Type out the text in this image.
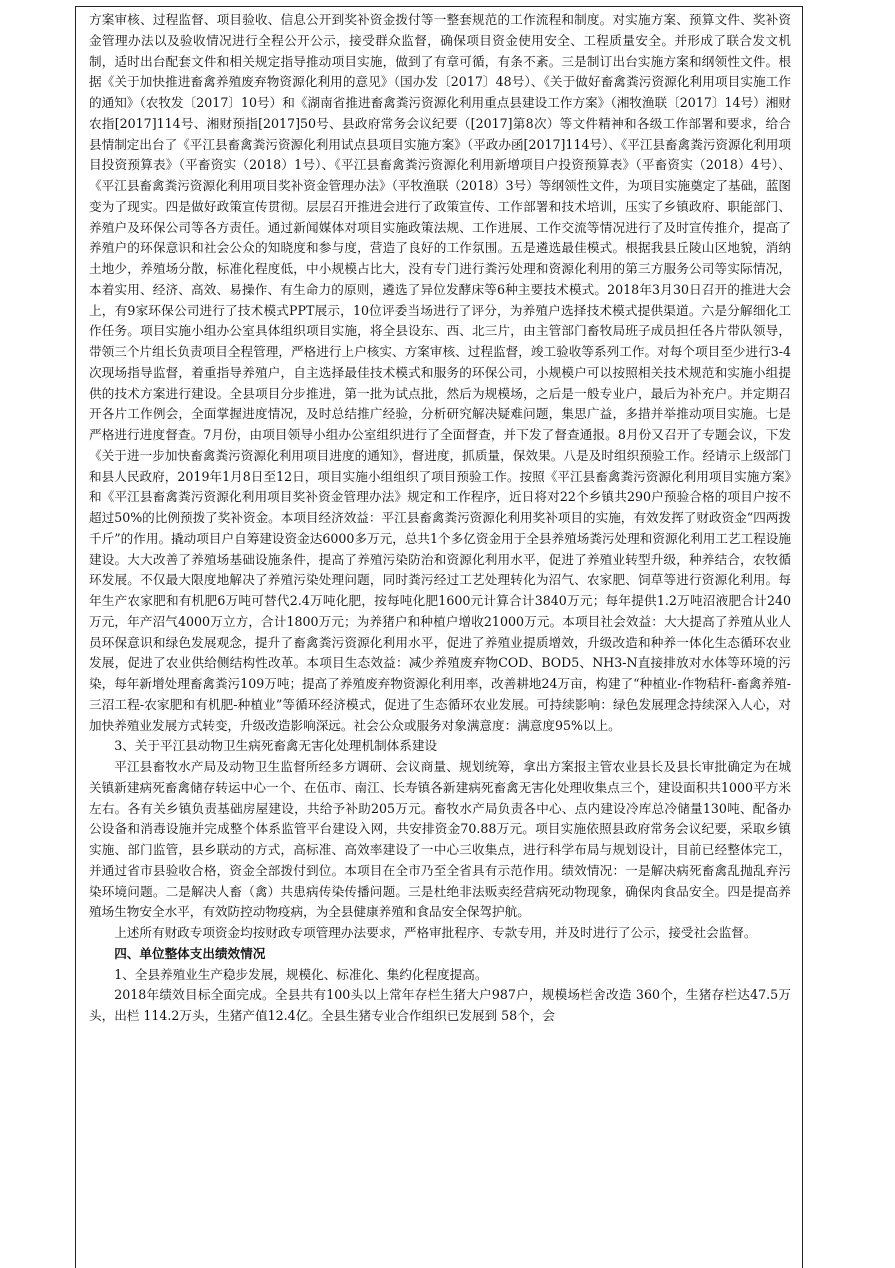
方案审核、过程监督、项目验收、信息公开到奖补资金拨付等一整套规范的工作流程和制度。对实施方案、预算文件、奖补资金管理办法以及验收情况进行全程公开公示，接受群众监督，确保项目资金使用安全、工程质量安全。并形成了联合发文机制，适时出台配套文件和相关规定指导推动项目实施，做到了有章可循，有条不紊。三是制订出台实施方案和纲领性文件。根据《关于加快推进畜禽养殖废弃物资源化利用的意见》（国办发〔2017〕48号）、《关于做好畜禽粪污资源化利用项目实施工作的通知》（农牧发〔2017〕10号）和《湖南省推进畜禽粪污资源化利用重点县建设工作方案》（湘牧渔联〔2017〕14号）湘财农指[2017]114号、湘财预指[2017]50号、县政府常务会议纪要（[2017]第8次）等文件精神和各级工作部署和要求，给合县情制定出台了《平江县畜禽粪污资源化利用试点县项目实施方案》（平政办函[2017]114号）、《平江县畜禽粪污资源化利用项目投资预算表》（平畜资实（2018）1号）、《平江县畜禽粪污资源化利用新增项目户投资预算表》（平畜资实（2018）4号）、《平江县畜禽粪污资源化利用项目奖补资金管理办法》（平牧渔联（2018）3号）等纲领性文件，为项目实施奠定了基础，蓝图变为了现实。四是做好政策宣传贯彻。层层召开推进会进行了政策宣传、工作部署和技术培训，压实了乡镇政府、职能部门、养殖户及环保公司等各方责任。通过新闻媒体对项目实施政策法规、工作进展、工作交流等情况进行了及时宣传推介，提高了养殖户的环保意识和社会公众的知晓度和参与度，营造了良好的工作氛围。五是遴选最佳模式。根据我县丘陵山区地貌，消纳土地少，养殖场分散，标准化程度低，中小规模占比大，没有专门进行粪污处理和资源化利用的第三方服务公司等实际情况，本着实用、经济、高效、易操作、有生命力的原则，遴选了异位发酵床等6种主要技术模式。2018年3月30日召开的推进大会上，有9家环保公司进行了技术模式PPT展示，10位评委当场进行了评分，为养殖户选择技术模式提供渠道。六是分解细化工作任务。项目实施小组办公室具体组织项目实施，将全县设东、西、北三片，由主管部门畜牧局班子成员担任各片带队领导，带领三个片组长负责项目全程管理，严格进行上户核实、方案审核、过程监督，竣工验收等系列工作。对每个项目至少进行3-4次现场指导监督，着重指导养殖户，自主选择最佳技术模式和服务的环保公司，小规模户可以按照相关技术规范和实施小组提供的技术方案进行建设。全县项目分步推进，第一批为试点批，然后为规模场，之后是一般专业户，最后为补充户。并定期召开各片工作例会，全面掌握进度情况，及时总结推广经验，分析研究解决疑难问题，集思广益，多措并举推动项目实施。七是严格进行进度督查。7月份，由项目领导小组办公室组织进行了全面督查，并下发了督查通报。8月份又召开了专题会议，下发《关于进一步加快畜禽粪污资源化利用项目进度的通知》，督进度，抓质量，保效果。八是及时组织预验工作。经请示上级部门和县人民政府，2019年1月8日至12日，项目实施小组组织了项目预验工作。按照《平江县畜禽粪污资源化利用项目实施方案》和《平江县畜禽粪污资源化利用项目奖补资金管理办法》规定和工作程序，近日将对22个乡镇共290户预验合格的项目户按不超过50%的比例预拨了奖补资金。本项目经济效益：平江县畜禽粪污资源化利用奖补项目的实施，有效发挥了财政资金“四两拨千斤”的作用。撬动项目户自筹建设资金达6000多万元，总共1个多亿资金用于全县养殖场粪污处理和资源化利用工艺工程设施建设。大大改善了养殖场基础设施条件，提高了养殖污染防治和资源化利用水平，促进了养殖业转型升级，种养结合，农牧循环发展。不仅最大限度地解决了养殖污染处理问题，同时粪污经过工艺处理转化为沼气、农家肥、饲草等进行资源化利用。每年生产农家肥和有机肥6万吨可替代2.4万吨化肥，按每吨化肥1600元计算合计3840万元；每年提供1.2万吨沼液肥合计240万元，年产沼气4000万立方，合计1800万元；为养猪户和种植户增收21000万元。本项目社会效益：大大提高了养殖从业人员环保意识和绿色发展观念，提升了畜禽粪污资源化利用水平，促进了养殖业提质增效，升级改造和种养一体化生态循环农业发展，促进了农业供给侧结构性改革。本项目生态效益：减少养殖废弃物COD、BOD5、NH3-N直接排放对水体等环境的污染，每年新增处理畜禽粪污109万吨；提高了养殖废弃物资源化利用率，改善耕地24万亩，构建了“种植业-作物秸秆-畜禽养殖-三沼工程-农家肥和有机肥-种植业”等循环经济模式，促进了生态循环农业发展。可持续影响：绿色发展理念持续深入人心，对加快养殖业发展方式转变，升级改造影响深远。社会公众或服务对象满意度：满意度95%以上。

3、关于平江县动物卫生病死畜禽无害化处理机制体系建设

平江县畜牧水产局及动物卫生监督所经多方调研、会议商量、规划统筹，拿出方案报主管农业县长及县长审批确定为在城关镇新建病死畜禽储存转运中心一个、在伍市、南江、长寿镇各新建病死畜禽无害化处理收集点三个，建设面积共1000平方米左右。各有关乡镇负责基础房屋建设，共给予补助205万元。畜牧水产局负责各中心、点内建设冷库总冷储量130吨、配备办公设备和消毒设施并完成整个体系监管平台建设入网，共安排资金70.88万元。项目实施依照县政府常务会议纪要，采取乡镇实施、部门监管，县乡联动的方式，高标准、高效率建设了一中心三收集点，进行科学布局与规划设计，目前已经整体完工，并通过省市县验收合格，资金全部拨付到位。本项目在全市乃至全省具有示范作用。绩效情况：一是解决病死畜禽乱抛乱弃污染环境问题。二是解决人畜（禽）共患病传染传播问题。三是杜绝非法贩卖经营病死动物现象，确保肉食品安全。四是提高养殖场生物安全水平，有效防控动物疫病，为全县健康养殖和食品安全保驾护航。

上述所有财政专项资金均按财政专项管理办法要求，严格审批程序、专款专用，并及时进行了公示，接受社会监督。

四、单位整体支出绩效情况

1、全县养殖业生产稳步发展，规模化、标准化、集约化程度提高。

2018年绩效目标全面完成。全县共有100头以上常年存栏生猪大户987户，规模场栏舍改造 360个，生猪存栏达47.5万头，出栏 114.2万头，生猪产值12.4亿。全县生猪专业合作组织已发展到 58个，会
